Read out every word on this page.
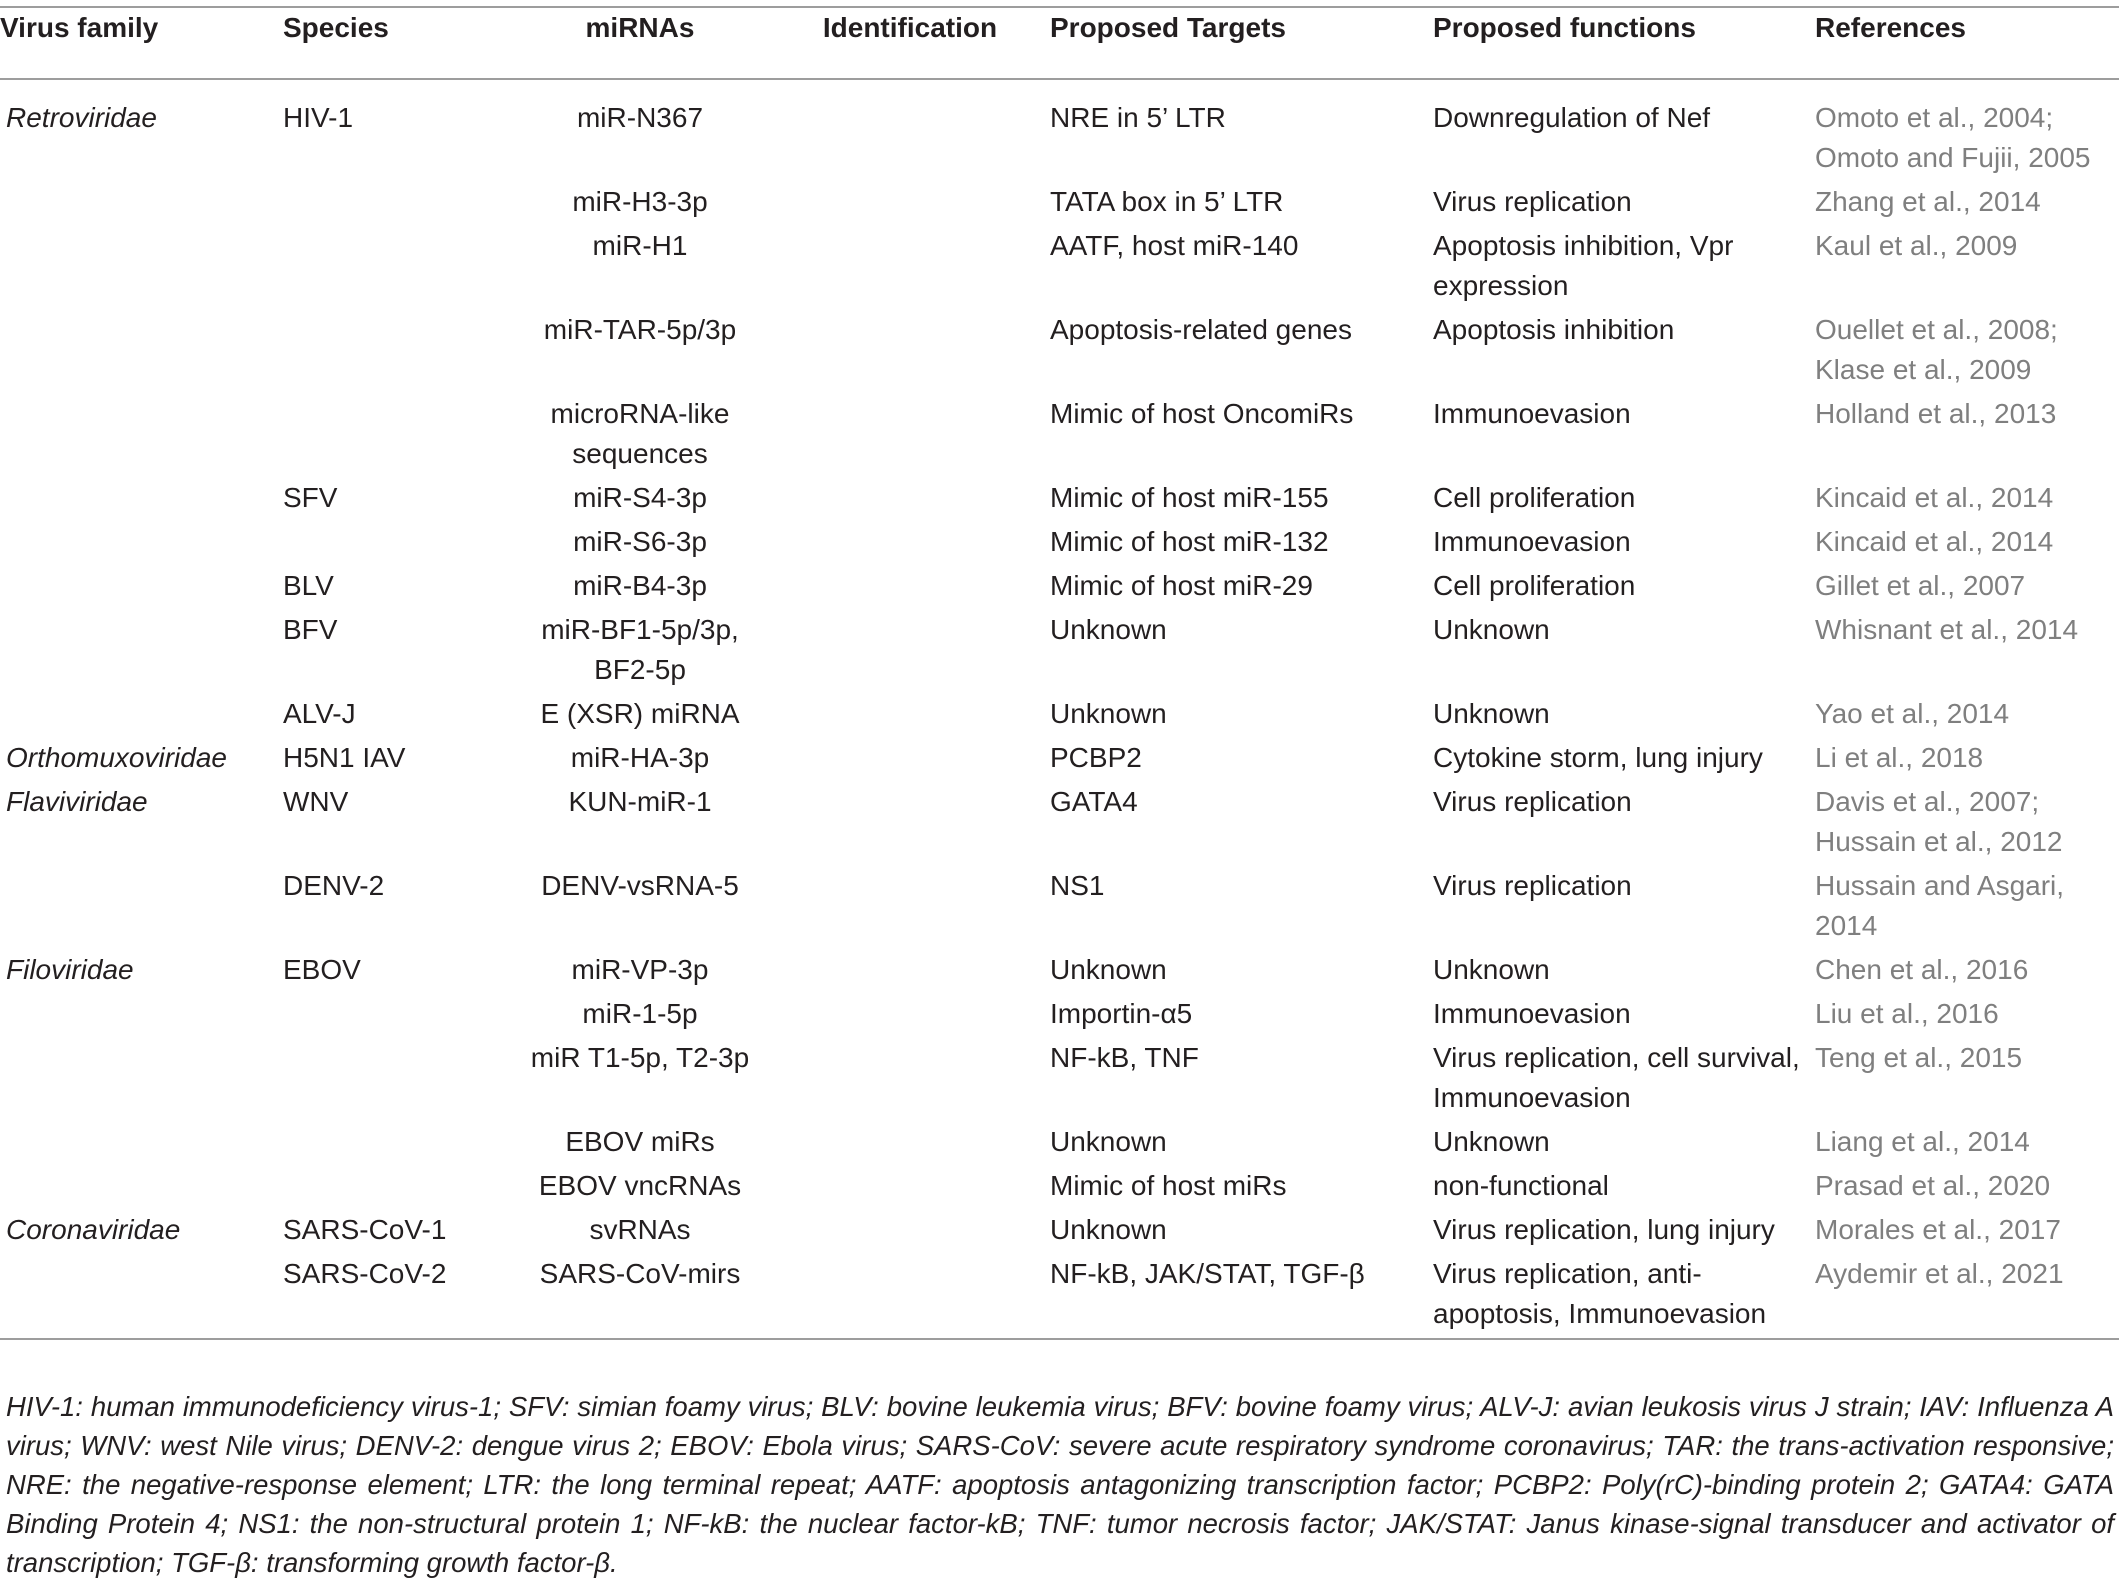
Virus family	Species	miRNAs	Identification	Proposed Targets	Proposed functions	References
Retroviridae	HIV-1	miR-N367		NRE in 5’ LTR	Downregulation of Nef	Omoto et al., 2004; Omoto and Fujii, 2005
		miR-H3-3p		TATA box in 5’ LTR	Virus replication	Zhang et al., 2014
		miR-H1		AATF, host miR-140	Apoptosis inhibition, Vpr expression	Kaul et al., 2009
		miR-TAR-5p/3p		Apoptosis-related genes	Apoptosis inhibition	Ouellet et al., 2008; Klase et al., 2009
		microRNA-like sequences		Mimic of host OncomiRs	Immunoevasion	Holland et al., 2013
	SFV	miR-S4-3p		Mimic of host miR-155	Cell proliferation	Kincaid et al., 2014
		miR-S6-3p		Mimic of host miR-132	Immunoevasion	Kincaid et al., 2014
	BLV	miR-B4-3p		Mimic of host miR-29	Cell proliferation	Gillet et al., 2007
	BFV	miR-BF1-5p/3p, BF2-5p		Unknown	Unknown	Whisnant et al., 2014
	ALV-J	E (XSR) miRNA		Unknown	Unknown	Yao et al., 2014
Orthomuxoviridae	H5N1 IAV	miR-HA-3p		PCBP2	Cytokine storm, lung injury	Li et al., 2018
Flaviviridae	WNV	KUN-miR-1		GATA4	Virus replication	Davis et al., 2007; Hussain et al., 2012
	DENV-2	DENV-vsRNA-5		NS1	Virus replication	Hussain and Asgari, 2014
Filoviridae	EBOV	miR-VP-3p		Unknown	Unknown	Chen et al., 2016
		miR-1-5p		Importin-α5	Immunoevasion	Liu et al., 2016
		miR T1-5p, T2-3p		NF-kB, TNF	Virus replication, cell survival, Immunoevasion	Teng et al., 2015
		EBOV miRs		Unknown	Unknown	Liang et al., 2014
		EBOV vncRNAs		Mimic of host miRs	non-functional	Prasad et al., 2020
Coronaviridae	SARS-CoV-1	svRNAs		Unknown	Virus replication, lung injury	Morales et al., 2017
	SARS-CoV-2	SARS-CoV-mirs		NF-kB, JAK/STAT, TGF-β	Virus replication, anti-apoptosis, Immunoevasion	Aydemir et al., 2021
HIV-1: human immunodeficiency virus-1; SFV: simian foamy virus; BLV: bovine leukemia virus; BFV: bovine foamy virus; ALV-J: avian leukosis virus J strain; IAV: Influenza A virus; WNV: west Nile virus; DENV-2: dengue virus 2; EBOV: Ebola virus; SARS-CoV: severe acute respiratory syndrome coronavirus; TAR: the trans-activation responsive; NRE: the negative-response element; LTR: the long terminal repeat; AATF: apoptosis antagonizing transcription factor; PCBP2: Poly(rC)-binding protein 2; GATA4: GATA Binding Protein 4; NS1: the non-structural protein 1; NF-kB: the nuclear factor-kB; TNF: tumor necrosis factor; JAK/STAT: Janus kinase-signal transducer and activator of transcription; TGF-β: transforming growth factor-β.
